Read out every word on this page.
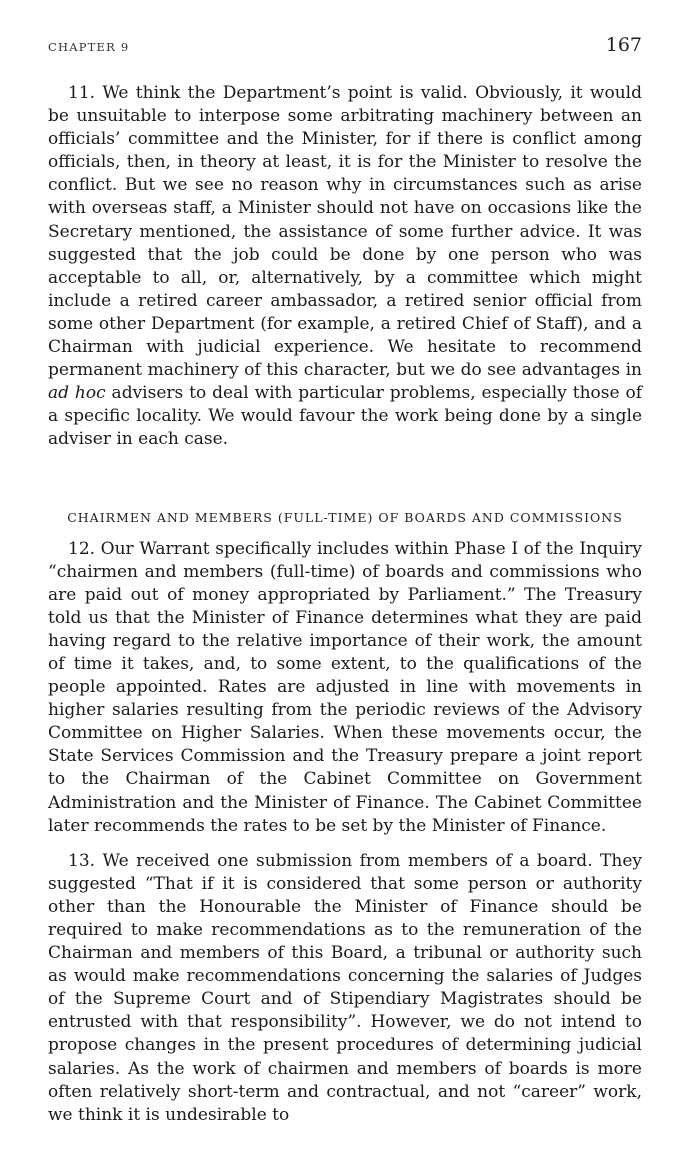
CHAPTER 9	167

11. We think the Department’s point is valid. Obviously, it would be unsuitable to interpose some arbitrating machinery between an officials’ committee and the Minister, for if there is conflict among officials, then, in theory at least, it is for the Minister to resolve the conflict. But we see no reason why in circumstances such as arise with overseas staff, a Minister should not have on occasions like the Secretary mentioned, the assistance of some further advice. It was suggested that the job could be done by one person who was acceptable to all, or, alternatively, by a committee which might include a retired career ambassador, a retired senior official from some other Department (for example, a retired Chief of Staff), and a Chairman with judicial experience. We hesitate to recommend permanent machinery of this character, but we do see advantages in ad hoc advisers to deal with particular problems, especially those of a specific locality. We would favour the work being done by a single adviser in each case.

CHAIRMEN AND MEMBERS (FULL-TIME) OF BOARDS AND COMMISSIONS

12. Our Warrant specifically includes within Phase I of the Inquiry “chairmen and members (full-time) of boards and commissions who are paid out of money appropriated by Parliament.” The Treasury told us that the Minister of Finance determines what they are paid having regard to the relative importance of their work, the amount of time it takes, and, to some extent, to the qualifications of the people appointed. Rates are adjusted in line with movements in higher salaries resulting from the periodic reviews of the Advisory Committee on Higher Salaries. When these movements occur, the State Services Commission and the Treasury prepare a joint report to the Chairman of the Cabinet Committee on Government Administration and the Minister of Finance. The Cabinet Committee later recommends the rates to be set by the Minister of Finance.

13. We received one submission from members of a board. They suggested “That if it is considered that some person or authority other than the Honourable the Minister of Finance should be required to make recommendations as to the remuneration of the Chairman and members of this Board, a tribunal or authority such as would make recommendations concerning the salaries of Judges of the Supreme Court and of Stipendiary Magistrates should be entrusted with that responsibility”. However, we do not intend to propose changes in the present procedures of determining judicial salaries. As the work of chairmen and members of boards is more often relatively short-term and contractual, and not “career” work, we think it is undesirable to
